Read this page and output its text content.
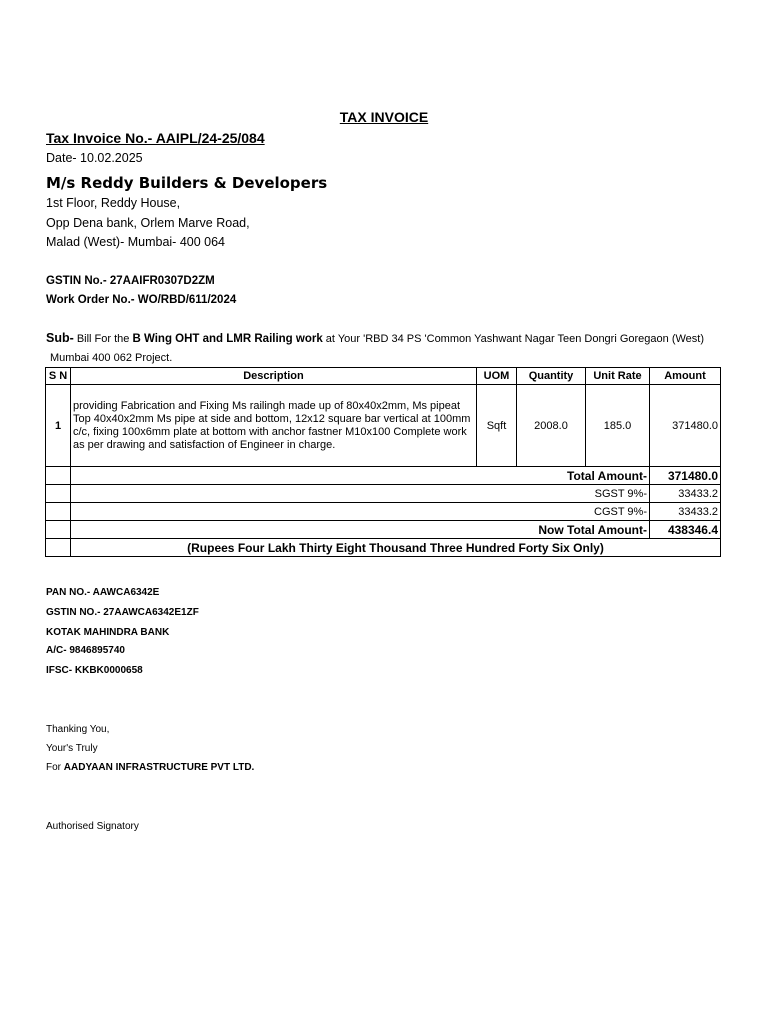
TAX INVOICE
Tax Invoice No.- AAIPL/24-25/084
Date- 10.02.2025
M/s Reddy Builders & Developers
1st Floor, Reddy House,
Opp Dena bank, Orlem Marve Road,
Malad (West)- Mumbai- 400 064
GSTIN No.- 27AAIFR0307D2ZM
Work Order No.- WO/RBD/611/2024
Sub- Bill For the B Wing OHT and LMR Railing work at Your 'RBD 34 PS 'Common Yashwant Nagar Teen Dongri Goregaon (West)
Mumbai 400 062 Project.
S N	Description	UOM	Quantity	Unit Rate	Amount
1	providing Fabrication and Fixing Ms railingh made up of 80x40x2mm, Ms pipeat Top 40x40x2mm Ms pipe at side and bottom, 12x12 square bar vertical at 100mm c/c, fixing 100x6mm plate at bottom with anchor fastner M10x100 Complete work as per drawing and satisfaction of Engineer in charge.	Sqft	2008.0	185.0	371480.0
	Total Amount-				371480.0
	SGST 9%-				33433.2
	CGST 9%-				33433.2
	Now Total Amount-				438346.4
	(Rupees Four Lakh Thirty Eight Thousand Three Hundred Forty Six Only)				
PAN NO.- AAWCA6342E
GSTIN NO.- 27AAWCA6342E1ZF
KOTAK MAHINDRA BANK
A/C- 9846895740
IFSC- KKBK0000658
Thanking You,
Your's Truly
For AADYAAN INFRASTRUCTURE PVT LTD.
Authorised Signatory
